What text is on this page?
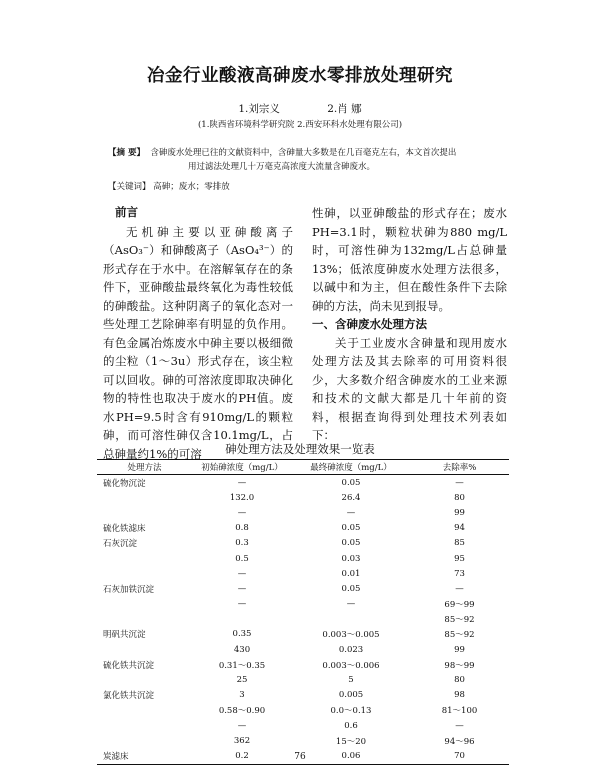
冶金行业酸液高砷废水零排放处理研究
1.刘宗义	2.肖 娜
(1.陕西省环境科学研究院 2.西安环科水处理有限公司)
【摘 要】 含砷废水处理已往的文献资料中，含砷量大多数是在几百毫克左右，本文首次提出
用过滤法处理几十万毫克高浓度大流量含砷废水。
【关键词】 高砷；废水；零排放
前言

无机砷主要以亚砷酸离子（AsO₃⁻）和砷酸离子（AsO₄³⁻）的形式存在于水中。在溶解氧存在的条件下，亚砷酸盐最终氧化为毒性较低的砷酸盐。这种阴离子的氧化态对一些处理工艺除砷率有明显的负作用。有色金属冶炼废水中砷主要以极细微的尘粒（1～3u）形式存在，该尘粒可以回收。砷的可溶浓度即取决砷化物的特性也取决于废水的PH值。废水PH=9.5时含有910mg/L的颗粒砷，而可溶性砷仅含10.1mg/L，占总砷量约1%的可溶

性砷，以亚砷酸盐的形式存在；废水PH=3.1时，颗粒状砷为880 mg/L时，可溶性砷为132mg/L占总砷量13%；低浓度砷废水处理方法很多，以碱中和为主，但在酸性条件下去除砷的方法，尚未见到报导。

一、含砷废水处理方法

关于工业废水含砷量和现用废水处理方法及其去除率的可用资料很少，大多数介绍含砷废水的工业来源和技术的文献大都是几十年前的资料，根据查询得到处理技术列表如下：

砷处理方法及处理效果一览表
处理方法	初始砷浓度（mg/L）	最终砷浓度（mg/L）	去除率%
硫化物沉淀	—	0.05	—
	132.0	26.4	80
	—	—	99
硫化铁滤床	0.8	0.05	94
石灰沉淀	0.3	0.05	85
	0.5	0.03	95
	—	0.01	73
石灰加铁沉淀	—	0.05	—
	—	—	69～99
			85～92
明矾共沉淀	0.35	0.003～0.005	85～92
	430	0.023	99
硫化铁共沉淀	0.31～0.35	0.003～0.006	98～99
	25	5	80
氯化铁共沉淀	3	0.005	98
	0.58～0.90	0.0～0.13	81～100
	—	0.6	—
	362	15～20	94～96
炭滤床	0.2	0.06	70
76
